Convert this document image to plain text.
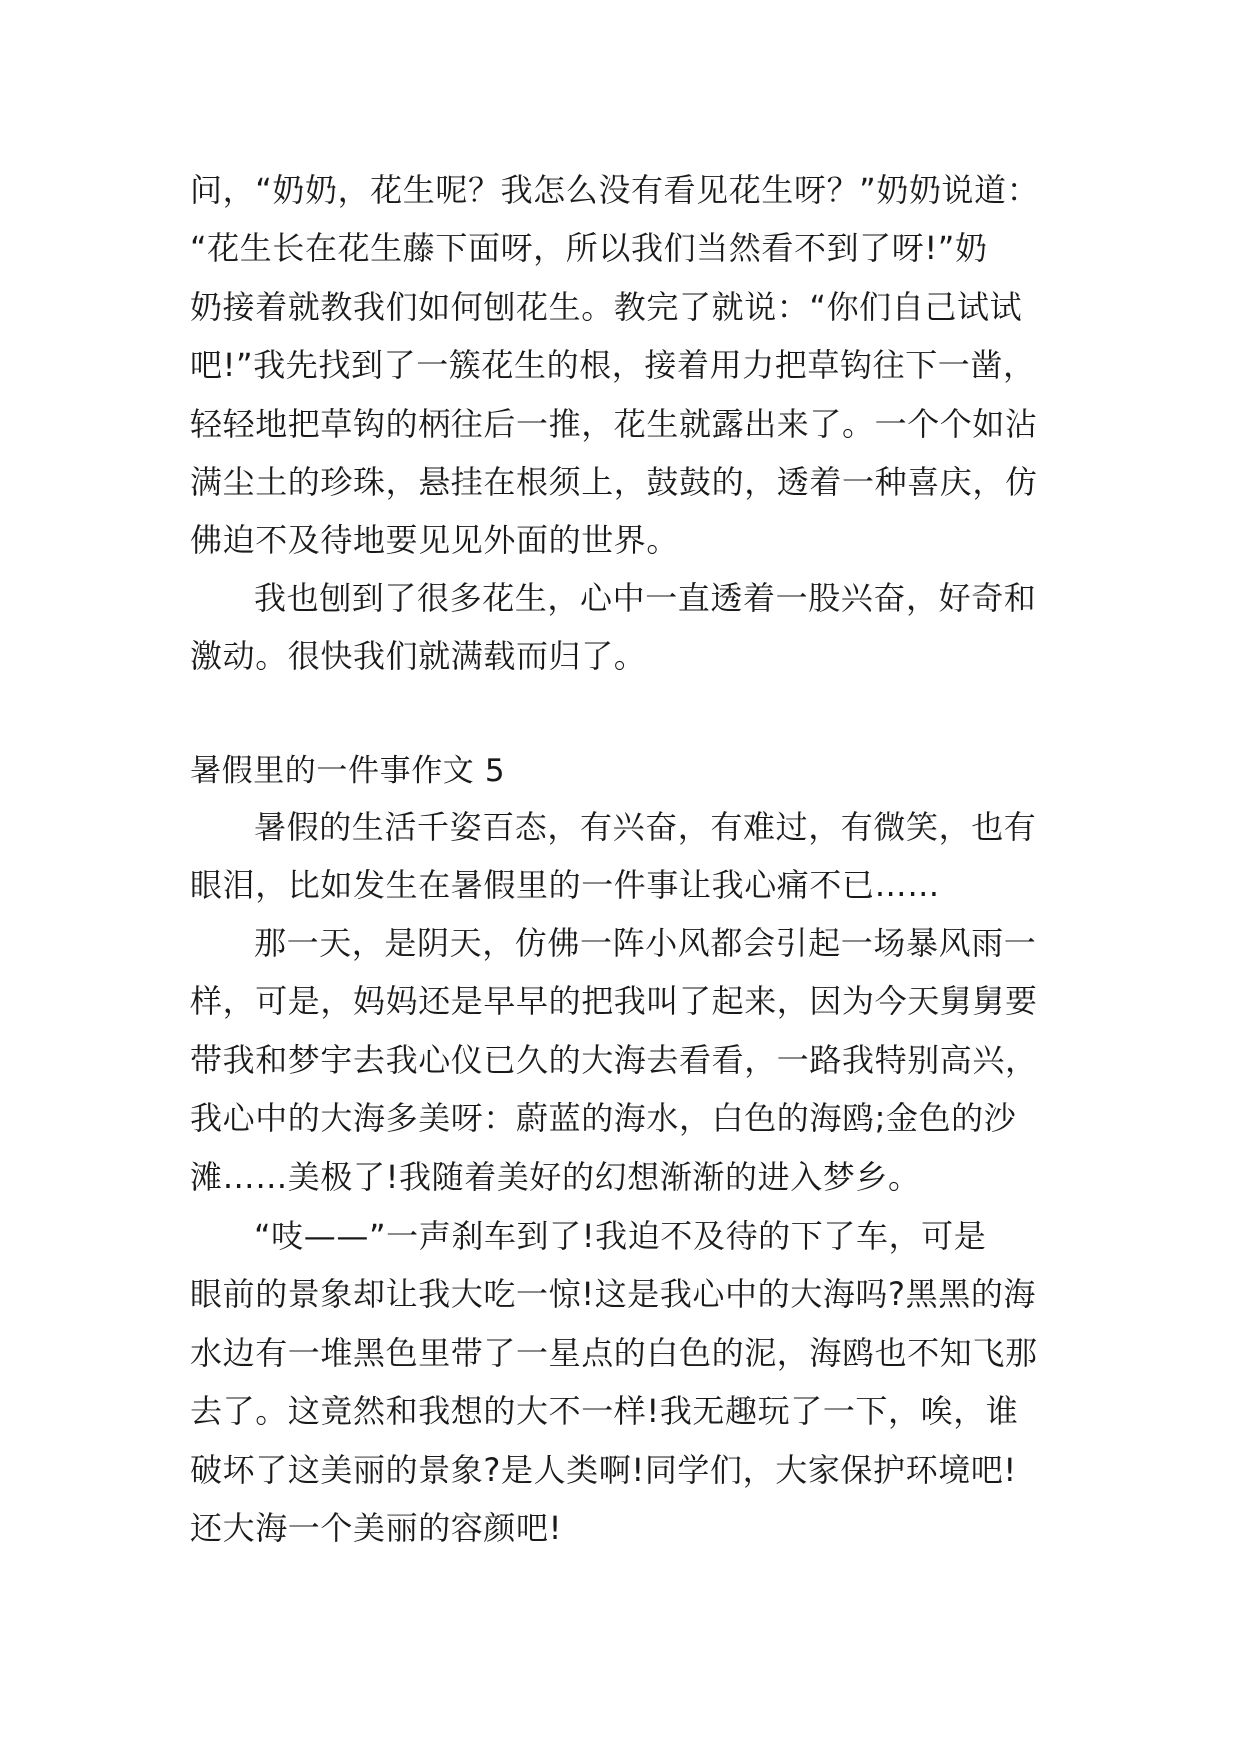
问，“奶奶，花生呢？我怎么没有看见花生呀？”奶奶说道：
“花生长在花生藤下面呀，所以我们当然看不到了呀!”奶
奶接着就教我们如何刨花生。教完了就说：“你们自己试试
吧!”我先找到了一簇花生的根，接着用力把草钩往下一凿，
轻轻地把草钩的柄往后一推，花生就露出来了。一个个如沾
满尘土的珍珠，悬挂在根须上，鼓鼓的，透着一种喜庆，仿
佛迫不及待地要见见外面的世界。
我也刨到了很多花生，心中一直透着一股兴奋，好奇和
激动。很快我们就满载而归了。
暑假里的一件事作文 5
暑假的生活千姿百态，有兴奋，有难过，有微笑，也有
眼泪，比如发生在暑假里的一件事让我心痛不已……
那一天，是阴天，仿佛一阵小风都会引起一场暴风雨一
样，可是，妈妈还是早早的把我叫了起来，因为今天舅舅要
带我和梦宇去我心仪已久的大海去看看，一路我特别高兴，
我心中的大海多美呀：蔚蓝的海水，白色的海鸥;金色的沙
滩……美极了!我随着美好的幻想渐渐的进入梦乡。
“吱——”一声刹车到了!我迫不及待的下了车，可是
眼前的景象却让我大吃一惊!这是我心中的大海吗?黑黑的海
水边有一堆黑色里带了一星点的白色的泥，海鸥也不知飞那
去了。这竟然和我想的大不一样!我无趣玩了一下，唉，谁
破坏了这美丽的景象?是人类啊!同学们，大家保护环境吧!
还大海一个美丽的容颜吧!
